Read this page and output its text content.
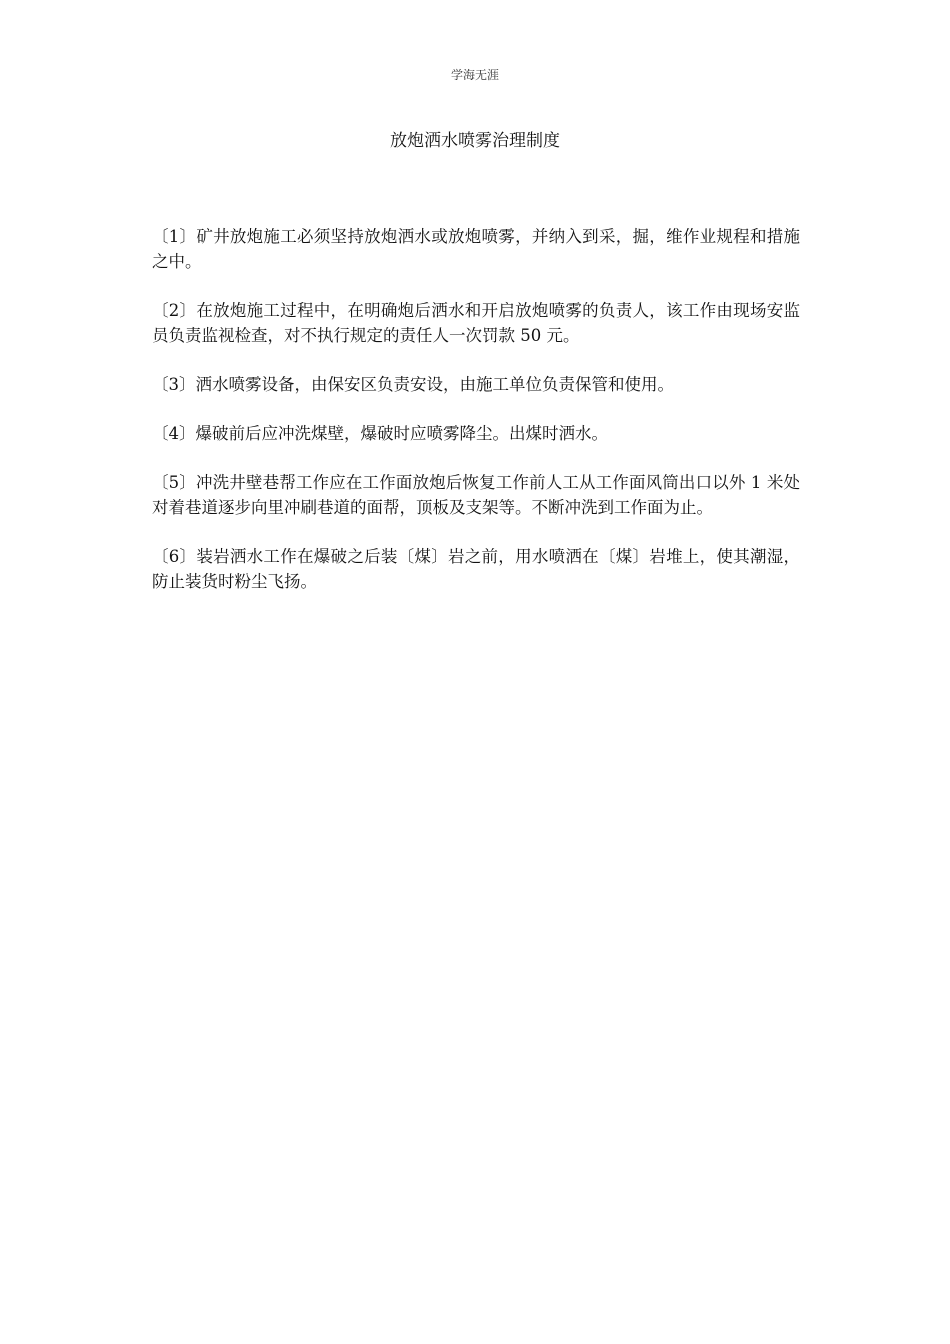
学海无涯
放炮洒水喷雾治理制度

〔1〕矿井放炮施工必须坚持放炮洒水或放炮喷雾，并纳入到采，掘，维作业规程和措施之中。

〔2〕在放炮施工过程中，在明确炮后洒水和开启放炮喷雾的负责人，该工作由现场安监员负责监视检查，对不执行规定的责任人一次罚款 50 元。

〔3〕洒水喷雾设备，由保安区负责安设，由施工单位负责保管和使用。

〔4〕爆破前后应冲洗煤壁，爆破时应喷雾降尘。出煤时洒水。

〔5〕冲洗井壁巷帮工作应在工作面放炮后恢复工作前人工从工作面风筒出口以外 1 米处对着巷道逐步向里冲刷巷道的面帮，顶板及支架等。不断冲洗到工作面为止。

〔6〕装岩洒水工作在爆破之后装〔煤〕岩之前，用水喷洒在〔煤〕岩堆上，使其潮湿，防止装货时粉尘飞扬。
